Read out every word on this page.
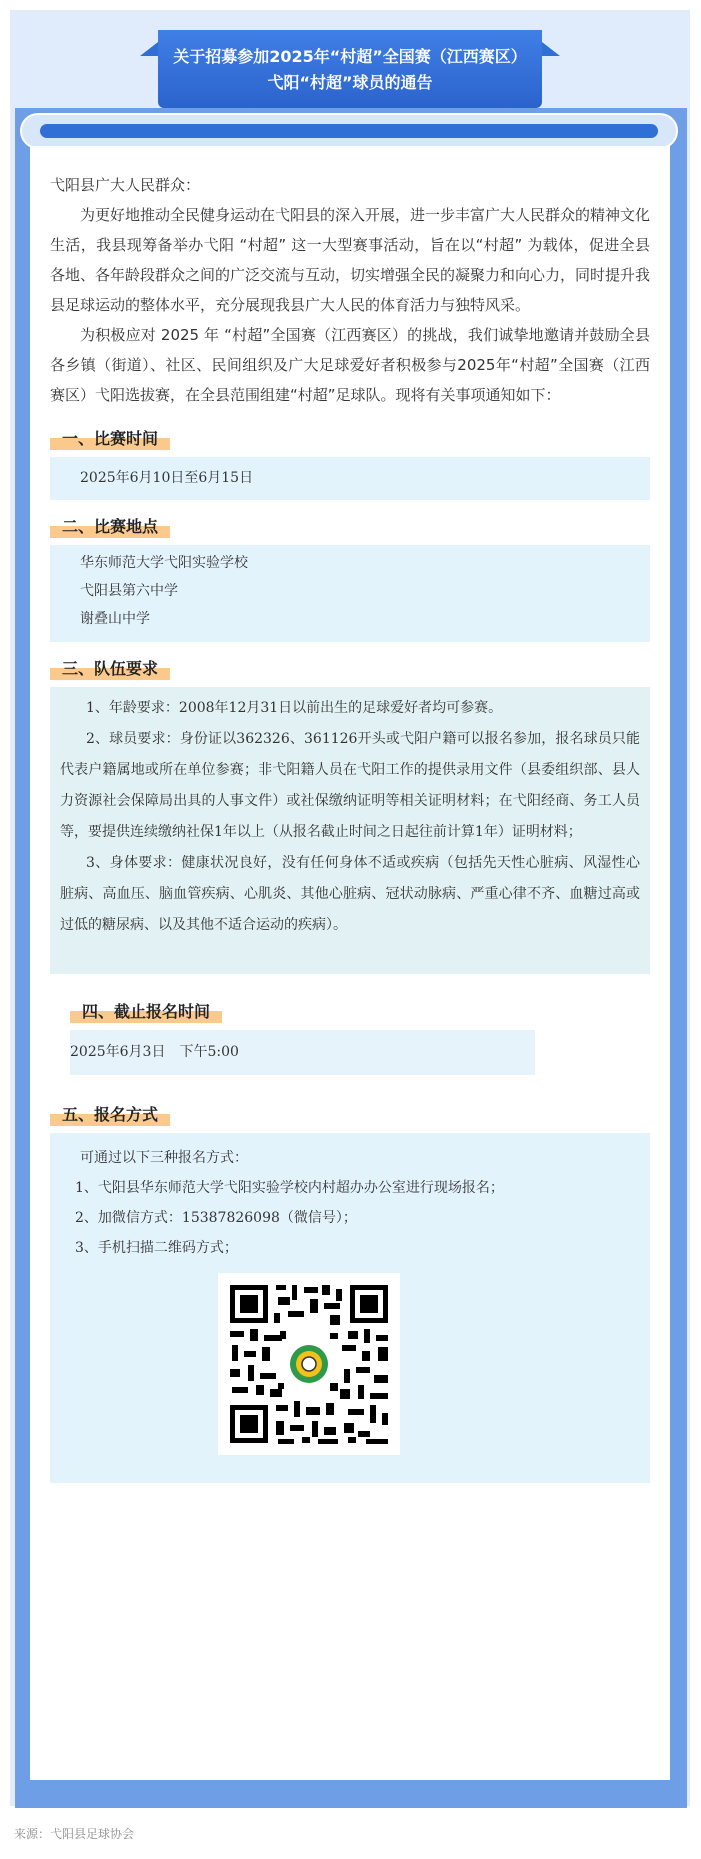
关于招募参加2025年“村超”全国赛（江西赛区）
弋阳“村超”球员的通告

弋阳县广大人民群众：

为更好地推动全民健身运动在弋阳县的深入开展，进一步丰富广大人民群众的精神文化生活，我县现筹备举办弋阳 “村超” 这一大型赛事活动，旨在以“村超” 为载体，促进全县各地、各年龄段群众之间的广泛交流与互动，切实增强全民的凝聚力和向心力，同时提升我县足球运动的整体水平，充分展现我县广大人民的体育活力与独特风采。

为积极应对 2025 年 “村超”全国赛（江西赛区）的挑战，我们诚挚地邀请并鼓励全县各乡镇（街道）、社区、民间组织及广大足球爱好者积极参与2025年“村超”全国赛（江西赛区）弋阳选拔赛，在全县范围组建“村超”足球队。现将有关事项通知如下：

一、比赛时间

2025年6月10日至6月15日

二、比赛地点

华东师范大学弋阳实验学校

弋阳县第六中学

谢叠山中学

三、队伍要求

1、年龄要求：2008年12月31日以前出生的足球爱好者均可参赛。

2、球员要求：身份证以362326、361126开头或弋阳户籍可以报名参加，报名球员只能代表户籍属地或所在单位参赛；非弋阳籍人员在弋阳工作的提供录用文件（县委组织部、县人力资源社会保障局出具的人事文件）或社保缴纳证明等相关证明材料；在弋阳经商、务工人员等，要提供连续缴纳社保1年以上（从报名截止时间之日起往前计算1年）证明材料；

3、身体要求：健康状况良好，没有任何身体不适或疾病（包括先天性心脏病、风湿性心脏病、高血压、脑血管疾病、心肌炎、其他心脏病、冠状动脉病、严重心律不齐、血糖过高或过低的糖尿病、以及其他不适合运动的疾病）。

四、截止报名时间

2025年6月3日　下午5:00

五、报名方式

可通过以下三种报名方式：

1、弋阳县华东师范大学弋阳实验学校内村超办办公室进行现场报名；

2、加微信方式：15387826098（微信号）；

3、手机扫描二维码方式；

来源：弋阳县足球协会
